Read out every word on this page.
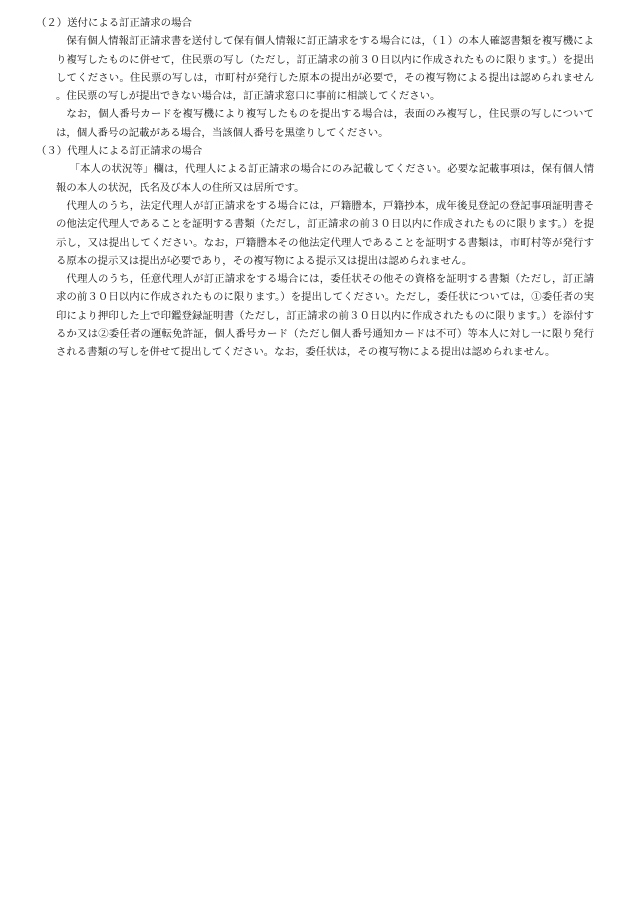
（２）送付による訂正請求の場合

保有個人情報訂正請求書を送付して保有個人情報に訂正請求をする場合には，（１）の本人確認書類を複写機により複写したものに併せて，住民票の写し（ただし，訂正請求の前３０日以内に作成されたものに限ります。）を提出してください。住民票の写しは，市町村が発行した原本の提出が必要で，その複写物による提出は認められません。住民票の写しが提出できない場合は，訂正請求窓口に事前に相談してください。

なお，個人番号カードを複写機により複写したものを提出する場合は，表面のみ複写し，住民票の写しについては，個人番号の記載がある場合，当該個人番号を黒塗りしてください。

（３）代理人による訂正請求の場合

「本人の状況等」欄は，代理人による訂正請求の場合にのみ記載してください。必要な記載事項は，保有個人情報の本人の状況，氏名及び本人の住所又は居所です。

代理人のうち，法定代理人が訂正請求をする場合には，戸籍謄本，戸籍抄本，成年後見登記の登記事項証明書その他法定代理人であることを証明する書類（ただし，訂正請求の前３０日以内に作成されたものに限ります。）を提示し，又は提出してください。なお，戸籍謄本その他法定代理人であることを証明する書類は，市町村等が発行する原本の提示又は提出が必要であり，その複写物による提示又は提出は認められません。

代理人のうち，任意代理人が訂正請求をする場合には，委任状その他その資格を証明する書類（ただし，訂正請求の前３０日以内に作成されたものに限ります。）を提出してください。ただし，委任状については，①委任者の実印により押印した上で印鑑登録証明書（ただし，訂正請求の前３０日以内に作成されたものに限ります。）を添付するか又は②委任者の運転免許証，個人番号カード（ただし個人番号通知カードは不可）等本人に対し一に限り発行される書類の写しを併せて提出してください。なお，委任状は，その複写物による提出は認められません。
